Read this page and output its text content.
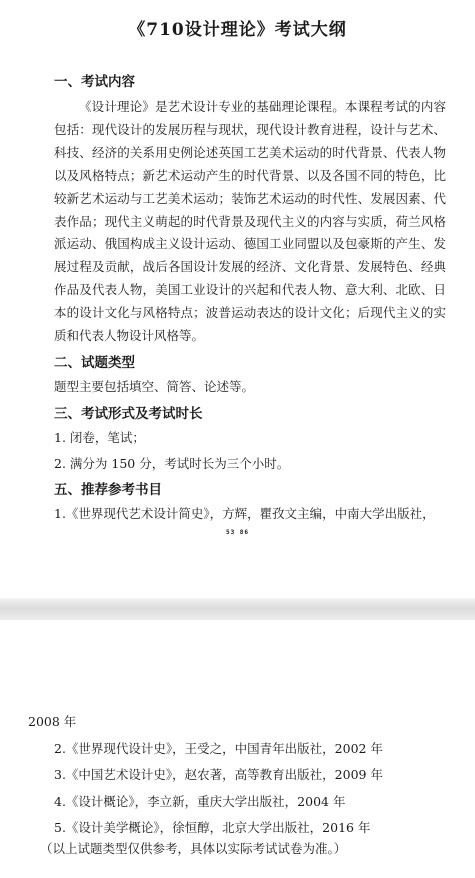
《710设计理论》考试大纲
一、考试内容
《设计理论》是艺术设计专业的基础理论课程。本课程考试的内容包括：现代设计的发展历程与现状，现代设计教育进程，设计与艺术、科技、经济的关系用史例论述英国工艺美术运动的时代背景、代表人物以及风格特点；新艺术运动产生的时代背景、以及各国不同的特色，比较新艺术运动与工艺美术运动；装饰艺术运动的时代性、发展因素、代表作品；现代主义萌起的时代背景及现代主义的内容与实质，荷兰风格派运动、俄国构成主义设计运动、德国工业同盟以及包豪斯的产生、发展过程及贡献，战后各国设计发展的经济、文化背景、发展特色、经典作品及代表人物，美国工业设计的兴起和代表人物、意大利、北欧、日本的设计文化与风格特点；波普运动表达的设计文化；后现代主义的实质和代表人物设计风格等。
二、试题类型
题型主要包括填空、简答、论述等。
三、考试形式及考试时长
1. 闭卷，笔试；
2. 满分为 150 分，考试时长为三个小时。
五、推荐参考书目
1.《世界现代艺术设计简史》，方辉，瞿孜文主编，中南大学出版社，
53 86
2008 年
2.《世界现代设计史》，王受之，中国青年出版社，2002 年
3.《中国艺术设计史》，赵农著，高等教育出版社，2009 年
4.《设计概论》，李立新，重庆大学出版社，2004 年
5.《设计美学概论》，徐恒醇，北京大学出版社，2016 年
（以上试题类型仅供参考，具体以实际考试试卷为准。）
